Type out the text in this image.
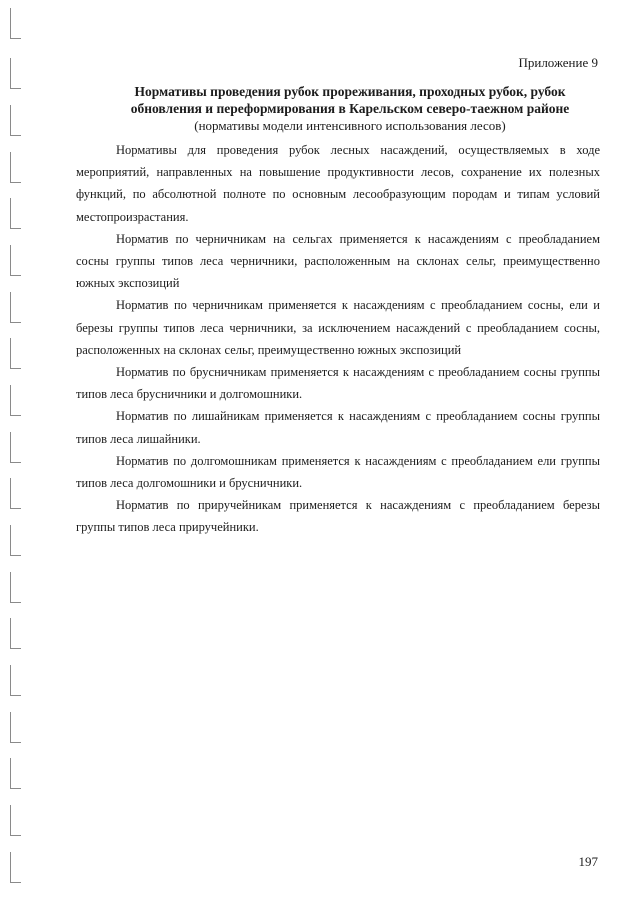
Приложение 9

Нормативы проведения рубок прореживания, проходных рубок, рубок
обновления и переформирования в Карельском северо-таежном районе

(нормативы модели интенсивного использования лесов)

Нормативы для проведения рубок лесных насаждений, осуществляемых в ходе мероприятий, направленных на повышение продуктивности лесов, сохранение их полезных функций, по абсолютной полноте по основным лесообразующим породам и типам условий местопроизрастания.

Норматив по черничникам на сельгах применяется к насаждениям с преобладанием сосны группы типов леса черничники, расположенным на склонах сельг, преимущественно южных экспозиций

Норматив по черничникам применяется к насаждениям с преобладанием сосны, ели и березы группы типов леса черничники, за исключением насаждений с преобладанием сосны, расположенных на склонах сельг, преимущественно южных экспозиций

Норматив по брусничникам применяется к насаждениям с преобладанием сосны группы типов леса брусничники и долгомошники.

Норматив по лишайникам применяется к насаждениям с преобладанием сосны группы типов леса лишайники.

Норматив по долгомошникам применяется к насаждениям с преобладанием ели группы типов леса долгомошники и брусничники.

Норматив по приручейникам применяется к насаждениям с преобладанием березы группы типов леса приручейники.

197
